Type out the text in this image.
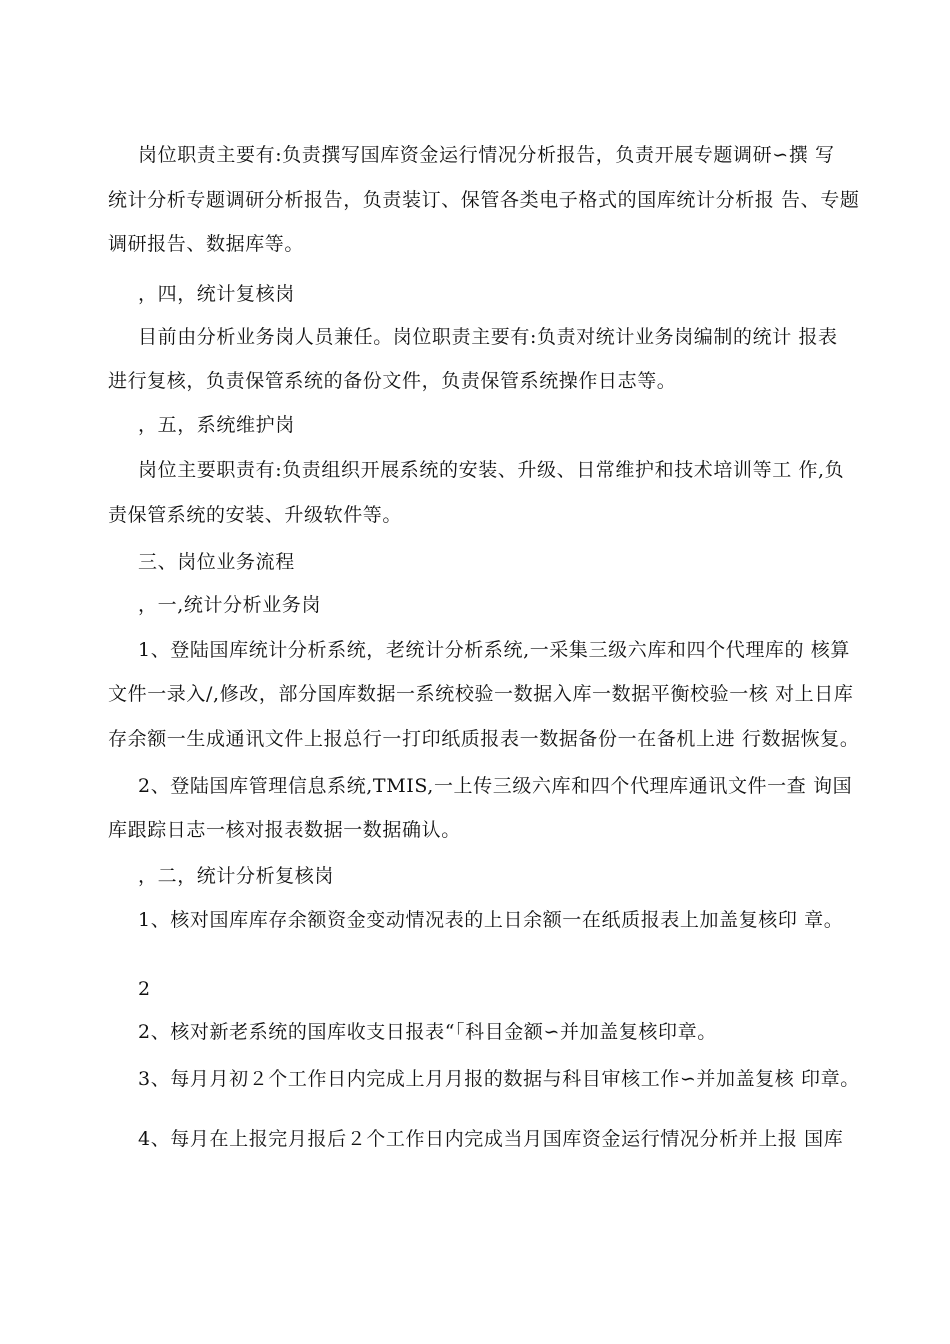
岗位职责主要有:负责撰写国库资金运行情况分析报告，负责开展专题调研∽撰 写
统计分析专题调研分析报告，负责装订、保管各类电子格式的国库统计分析报 告、专题
调研报告、数据库等。
，四，统计复核岗
目前由分析业务岗人员兼任。岗位职责主要有:负责对统计业务岗编制的统计 报表
进行复核，负责保管系统的备份文件，负责保管系统操作日志等。
，五，系统维护岗
岗位主要职责有:负责组织开展系统的安装、升级、日常维护和技术培训等工 作,负
责保管系统的安装、升级软件等。
三、岗位业务流程
，一,统计分析业务岗
1、登陆国库统计分析系统，老统计分析系统,一采集三级六库和四个代理库的 核算
文件一录入/,修改，部分国库数据一系统校验一数据入库一数据平衡校验一核 对上日库
存余额一生成通讯文件上报总行一打印纸质报表一数据备份一在备机上进 行数据恢复。
2、登陆国库管理信息系统,TMIS,一上传三级六库和四个代理库通讯文件一查 询国
库跟踪日志一核对报表数据一数据确认。
，二，统计分析复核岗
1、核对国库库存余额资金变动情况表的上日余额一在纸质报表上加盖复核印 章。
2
2、核对新老系统的国库收支日报表“「科目金额∽并加盖复核印章。
3、每月月初２个工作日内完成上月月报的数据与科目审核工作∽并加盖复核 印章。
4、每月在上报完月报后２个工作日内完成当月国库资金运行情况分析并上报 国库
